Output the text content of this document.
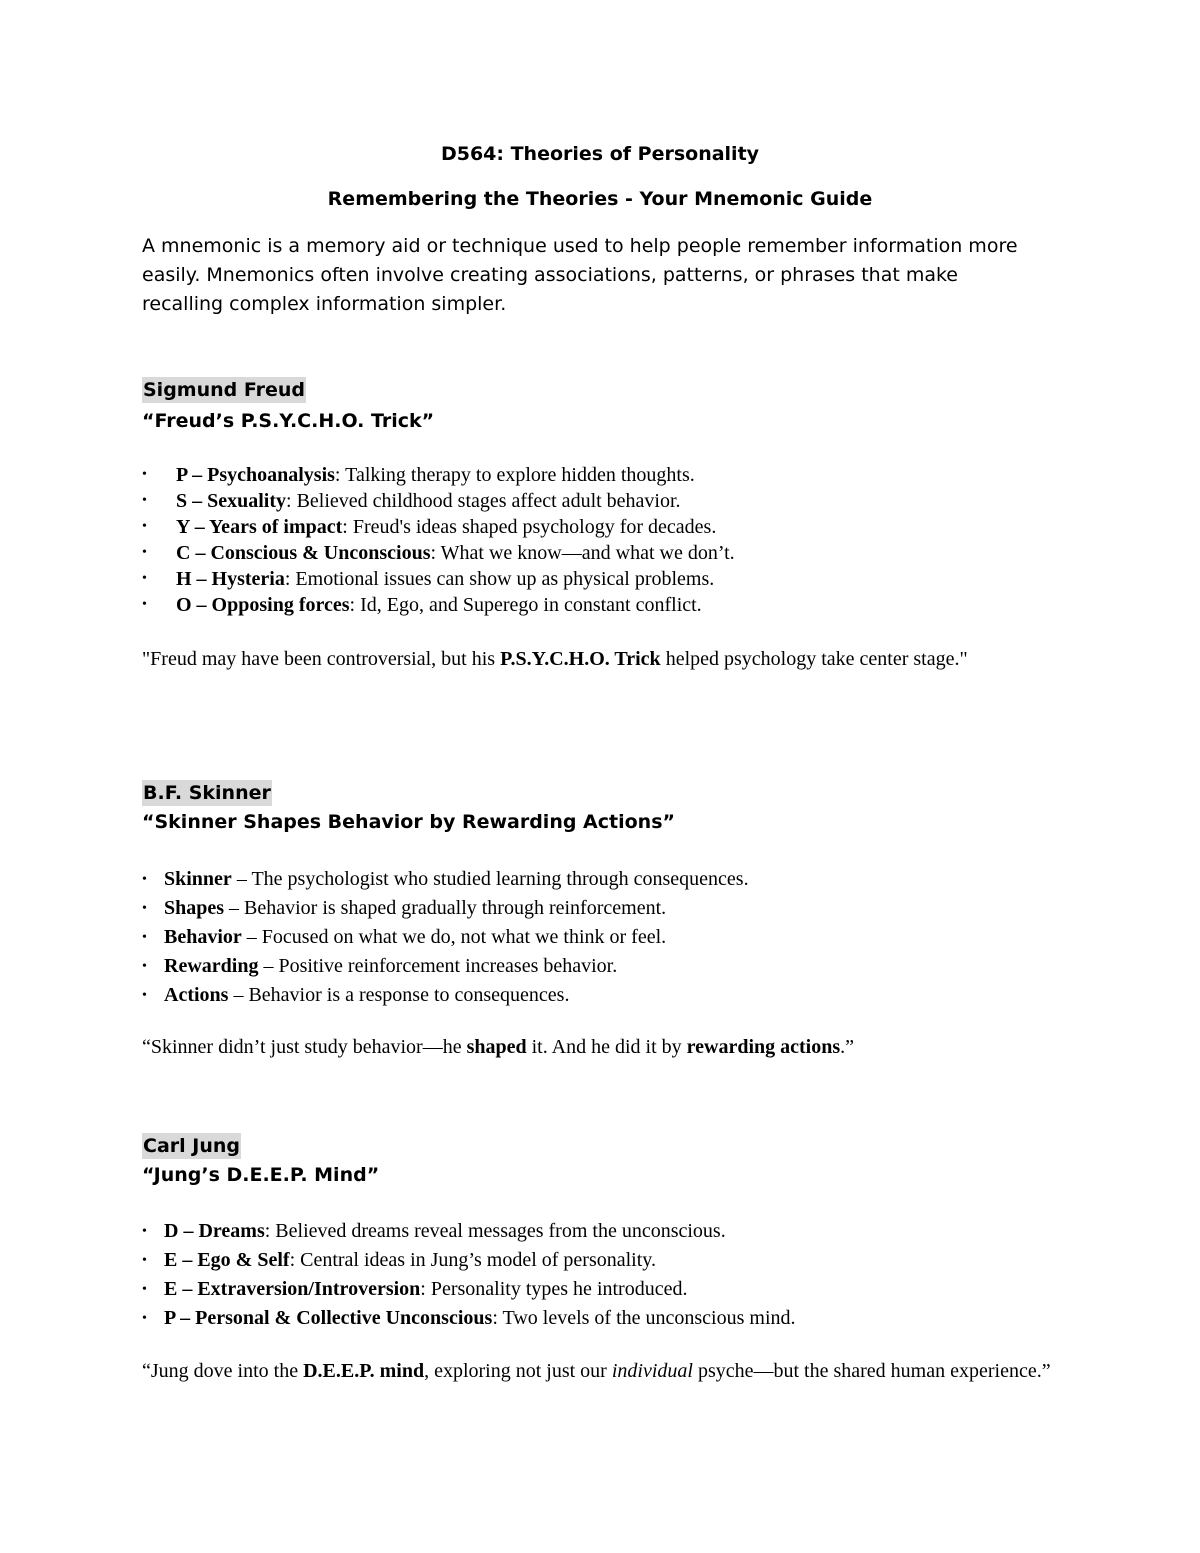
D564: Theories of Personality
Remembering the Theories - Your Mnemonic Guide
A mnemonic is a memory aid or technique used to help people remember information more easily. Mnemonics often involve creating associations, patterns, or phrases that make recalling complex information simpler.
Sigmund Freud
“Freud’s P.S.Y.C.H.O. Trick”
• P – Psychoanalysis: Talking therapy to explore hidden thoughts.
• S – Sexuality: Believed childhood stages affect adult behavior.
• Y – Years of impact: Freud's ideas shaped psychology for decades.
• C – Conscious & Unconscious: What we know—and what we don’t.
• H – Hysteria: Emotional issues can show up as physical problems.
• O – Opposing forces: Id, Ego, and Superego in constant conflict.
"Freud may have been controversial, but his P.S.Y.C.H.O. Trick helped psychology take center stage."
B.F. Skinner
“Skinner Shapes Behavior by Rewarding Actions”
• Skinner – The psychologist who studied learning through consequences.
• Shapes – Behavior is shaped gradually through reinforcement.
• Behavior – Focused on what we do, not what we think or feel.
• Rewarding – Positive reinforcement increases behavior.
• Actions – Behavior is a response to consequences.
“Skinner didn’t just study behavior—he shaped it. And he did it by rewarding actions.”
Carl Jung
“Jung’s D.E.E.P. Mind”
• D – Dreams: Believed dreams reveal messages from the unconscious.
• E – Ego & Self: Central ideas in Jung’s model of personality.
• E – Extraversion/Introversion: Personality types he introduced.
• P – Personal & Collective Unconscious: Two levels of the unconscious mind.
“Jung dove into the D.E.E.P. mind, exploring not just our individual psyche—but the shared human experience.”
